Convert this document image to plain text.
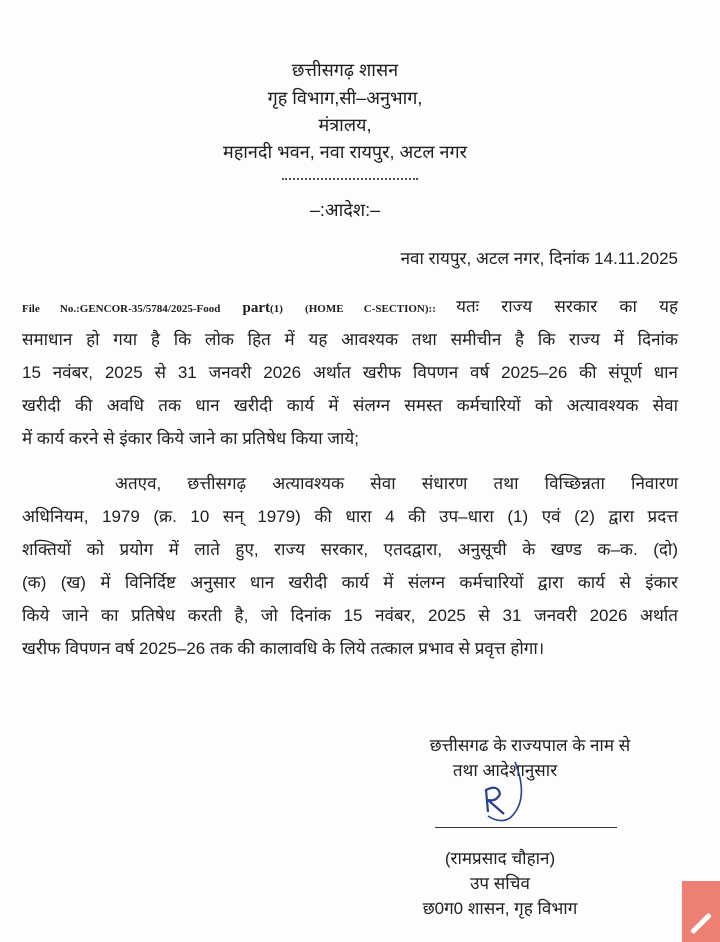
छत्तीसगढ़ शासन
गृह विभाग,सी–अनुभाग,
मंत्रालय,
महानदी भवन, नवा रायपुर, अटल नगर
–:आदेश:–
नवा रायपुर, अटल नगर, दिनांक 14.11.2025
File No.:GENCOR-35/5784/2025-Food part(1) (HOME C-SECTION):: यतः राज्य सरकार का यह
समाधान हो गया है कि लोक हित में यह आवश्यक तथा समीचीन है कि राज्य में दिनांक
15 नवंबर, 2025 से 31 जनवरी 2026 अर्थात खरीफ विपणन वर्ष 2025–26 की संपूर्ण धान
खरीदी की अवधि तक धान खरीदी कार्य में संलग्न समस्त कर्मचारियों को अत्यावश्यक सेवा
में कार्य करने से इंकार किये जाने का प्रतिषेध किया जाये;
अतएव, छत्तीसगढ़ अत्यावश्यक सेवा संधारण तथा विच्छिन्नता निवारण
अधिनियम, 1979 (क्र. 10 सन् 1979) की धारा 4 की उप–धारा (1) एवं (2) द्वारा प्रदत्त
शक्तियों को प्रयोग में लाते हुए, राज्य सरकार, एतदद्वारा, अनुसूची के खण्ड क–क. (दो)
(क) (ख) में विनिर्दिष्ट अनुसार धान खरीदी कार्य में संलग्न कर्मचारियों द्वारा कार्य से इंकार
किये जाने का प्रतिषेध करती है, जो दिनांक 15 नवंबर, 2025 से 31 जनवरी 2026 अर्थात
खरीफ विपणन वर्ष 2025–26 तक की कालावधि के लिये तत्काल प्रभाव से प्रवृत्त होगा।
छत्तीसगढ के राज्यपाल के नाम से
तथा आदेशानुसार
(रामप्रसाद चौहान)
उप सचिव
छ0ग0 शासन, गृह विभाग
